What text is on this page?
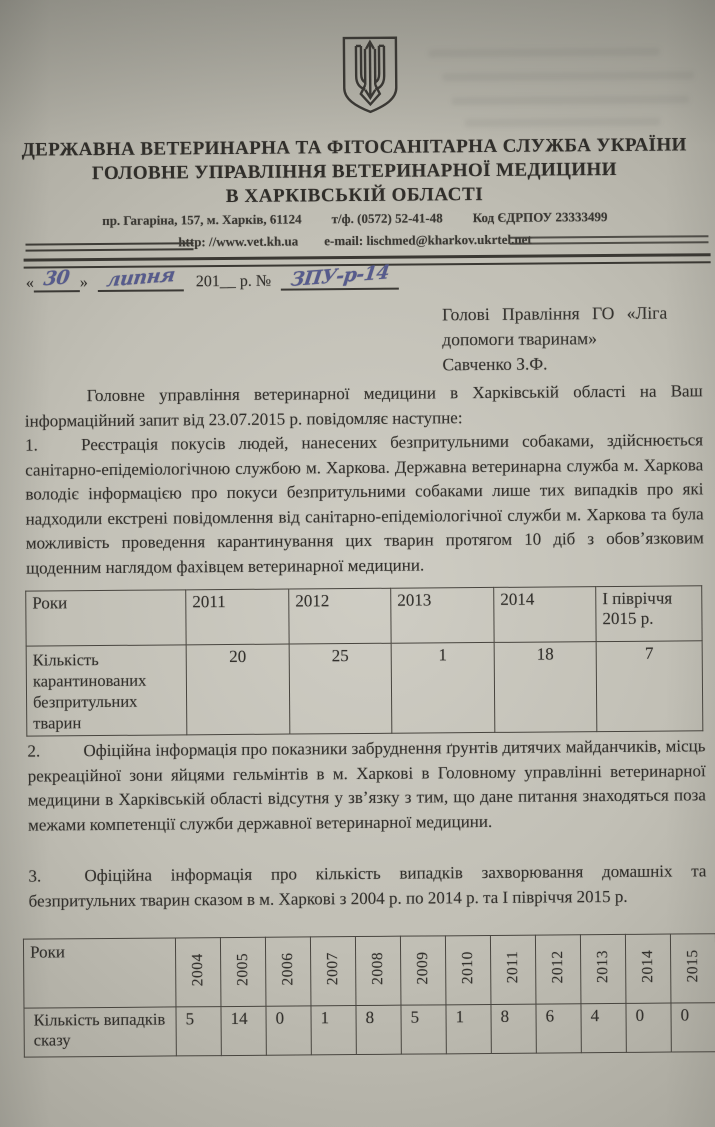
ДЕРЖАВНА ВЕТЕРИНАРНА ТА ФІТОСАНІТАРНА СЛУЖБА УКРАЇНИ
ГОЛОВНЕ УПРАВЛІННЯ ВЕТЕРИНАРНОЇ МЕДИЦИНИ
В ХАРКІВСЬКІЙ ОБЛАСТІ
пр. Гагаріна, 157, м. Харків, 61124 т/ф. (0572) 52-41-48 Код ЄДРПОУ 23333499
http: //www.vet.kh.ua e-mail: lischmed@kharkov.ukrtel.net
« 30 » липня 201__ р. № ЗПУ-р-14
Голові Правління ГО «Ліга
допомоги тваринам»
Савченко З.Ф.
Головне управління ветеринарної медицини в Харківській області на Ваш інформаційний запит від 23.07.2015 р. повідомляє наступне:
1.	Реєстрація покусів людей, нанесених безпритульними собаками, здійснюється санітарно-епідеміологічною службою м. Харкова. Державна ветеринарна служба м. Харкова володіє інформацією про покуси безпритульними собаками лише тих випадків про які надходили екстрені повідомлення від санітарно-епідеміологічної служби м. Харкова та була можливість проведення карантинування цих тварин протягом 10 діб з обов’язковим щоденним наглядом фахівцем ветеринарної медицини.
Роки	2011	2012	2013	2014	І півріччя 2015 р.
Кількість карантинованих безпритульних тварин	20	25	1	18	7
2.	Офіційна інформація про показники забруднення ґрунтів дитячих майданчиків, місць рекреаційної зони яйцями гельмінтів в м. Харкові в Головному управлінні ветеринарної медицини в Харківській області відсутня у зв’язку з тим, що дане питання знаходяться поза межами компетенції служби державної ветеринарної медицини.
3.	Офіційна інформація про кількість випадків захворювання домашніх та безпритульних тварин сказом в м. Харкові з 2004 р. по 2014 р. та І півріччя 2015 р.
Роки	2004	2005	2006	2007	2008	2009	2010	2011	2012	2013	2014	2015
Кількість випадків сказу	5	14	0	1	8	5	1	8	6	4	0	0
